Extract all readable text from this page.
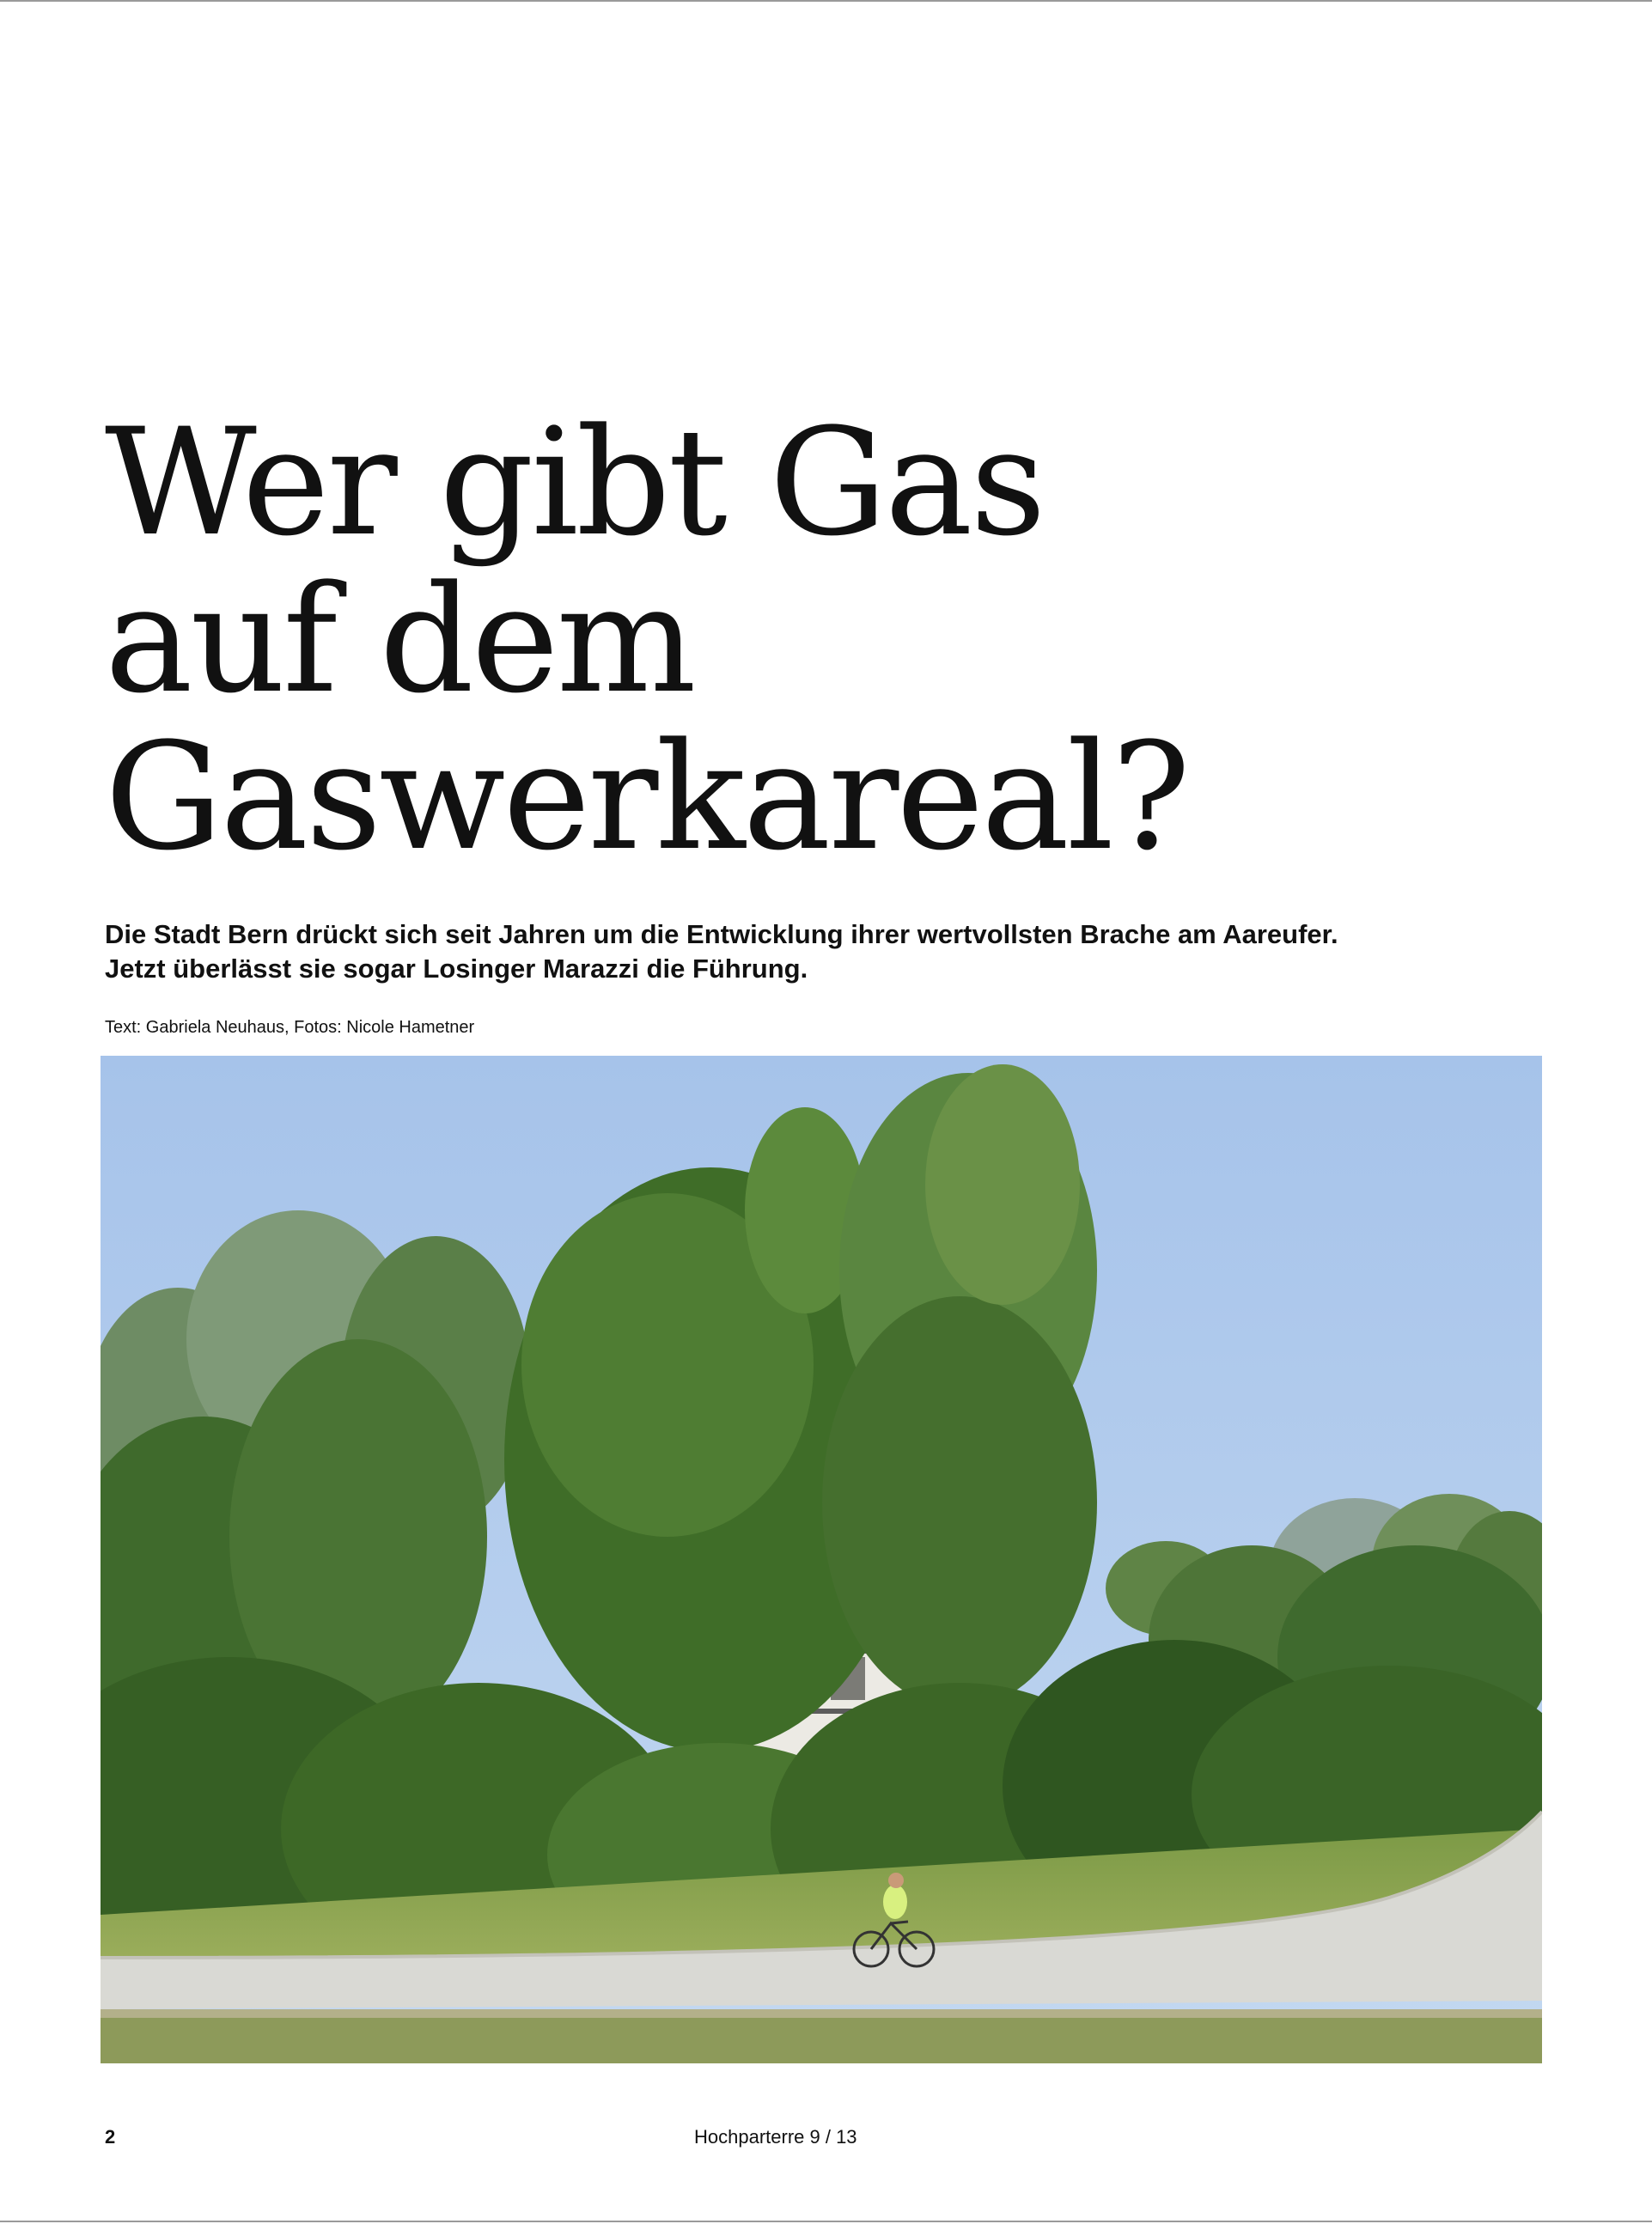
Wer gibt Gas
auf dem
Gaswerkareal?

Die Stadt Bern drückt sich seit Jahren um die Entwicklung ihrer wertvollsten Brache am Aareufer.
Jetzt überlässt sie sogar Losinger Marazzi die Führung.

Text: Gabriela Neuhaus, Fotos: Nicole Hametner

2	Hochparterre 9 / 13
